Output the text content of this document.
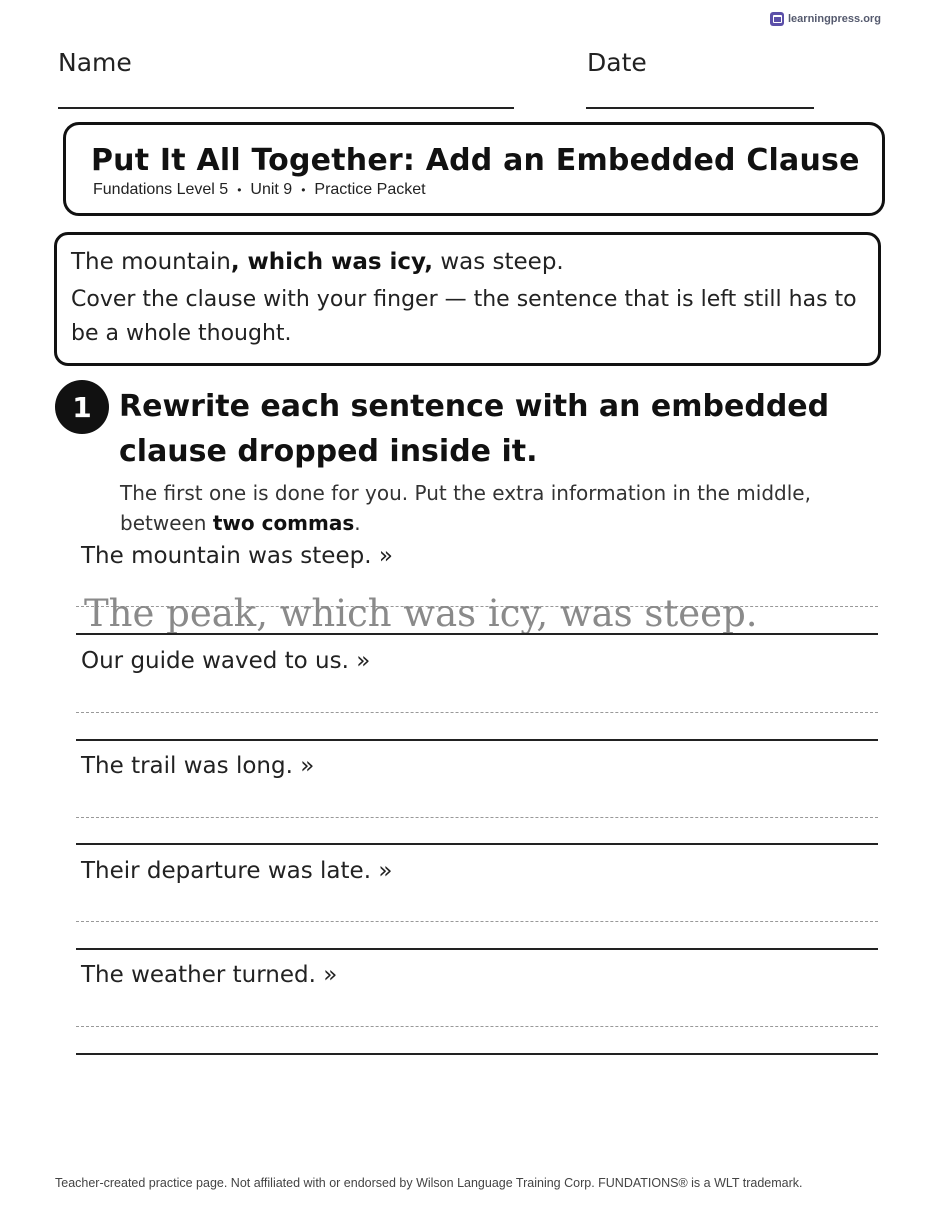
learningpress.org
Name	Date
Put It All Together: Add an Embedded Clause
Fundations Level 5 • Unit 9 • Practice Packet
The mountain, which was icy, was steep.
Cover the clause with your finger — the sentence that is left still has to be a whole thought.
1 Rewrite each sentence with an embedded clause dropped inside it.
The first one is done for you. Put the extra information in the middle, between two commas.
The mountain was steep. »
The peak, which was icy, was steep.
Our guide waved to us. »
The trail was long. »
Their departure was late. »
The weather turned. »
Teacher-created practice page. Not affiliated with or endorsed by Wilson Language Training Corp. FUNDATIONS® is a WLT trademark.
